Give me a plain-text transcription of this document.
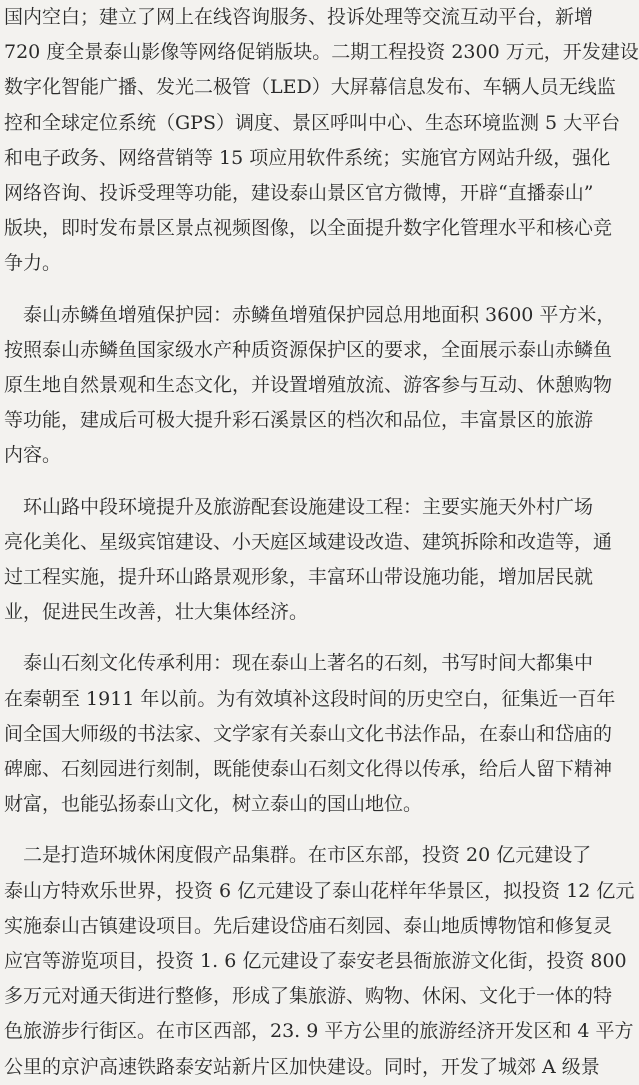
国内空白；建立了网上在线咨询服务、投诉处理等交流互动平台，新增
720 度全景泰山影像等网络促销版块。二期工程投资 2300 万元，开发建设
数字化智能广播、发光二极管（LED）大屏幕信息发布、车辆人员无线监
控和全球定位系统（GPS）调度、景区呼叫中心、生态环境监测 5 大平台
和电子政务、网络营销等 15 项应用软件系统；实施官方网站升级，强化
网络咨询、投诉受理等功能，建设泰山景区官方微博，开辟“直播泰山”
版块，即时发布景区景点视频图像，以全面提升数字化管理水平和核心竞
争力。

　泰山赤鳞鱼增殖保护园：赤鳞鱼增殖保护园总用地面积 3600 平方米，
按照泰山赤鳞鱼国家级水产种质资源保护区的要求，全面展示泰山赤鳞鱼
原生地自然景观和生态文化，并设置增殖放流、游客参与互动、休憩购物
等功能，建成后可极大提升彩石溪景区的档次和品位，丰富景区的旅游
内容。

　环山路中段环境提升及旅游配套设施建设工程：主要实施天外村广场
亮化美化、星级宾馆建设、小天庭区域建设改造、建筑拆除和改造等，通
过工程实施，提升环山路景观形象，丰富环山带设施功能，增加居民就
业，促进民生改善，壮大集体经济。

　泰山石刻文化传承利用：现在泰山上著名的石刻，书写时间大都集中
在秦朝至 1911 年以前。为有效填补这段时间的历史空白，征集近一百年
间全国大师级的书法家、文学家有关泰山文化书法作品，在泰山和岱庙的
碑廊、石刻园进行刻制，既能使泰山石刻文化得以传承，给后人留下精神
财富，也能弘扬泰山文化，树立泰山的国山地位。

　二是打造环城休闲度假产品集群。在市区东部，投资 20 亿元建设了
泰山方特欢乐世界，投资 6 亿元建设了泰山花样年华景区，拟投资 12 亿元
实施泰山古镇建设项目。先后建设岱庙石刻园、泰山地质博物馆和修复灵
应宫等游览项目，投资 1. 6 亿元建设了泰安老县衙旅游文化街，投资 800
多万元对通天街进行整修，形成了集旅游、购物、休闲、文化于一体的特
色旅游步行街区。在市区西部，23. 9 平方公里的旅游经济开发区和 4 平方
公里的京沪高速铁路泰安站新片区加快建设。同时，开发了城郊 A 级景
